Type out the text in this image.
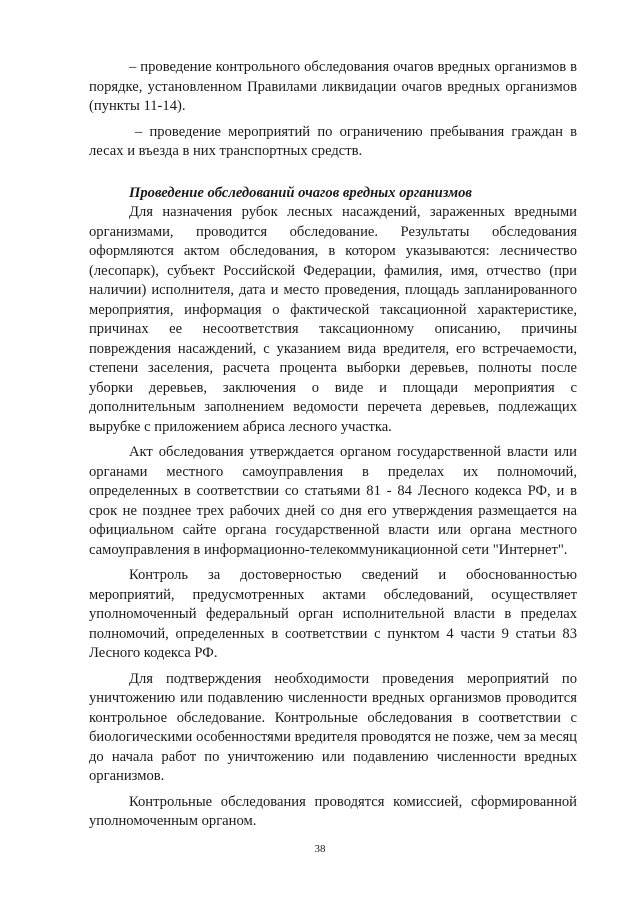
– проведение контрольного обследования очагов вредных организмов в порядке, установленном Правилами ликвидации очагов вредных организмов (пункты 11-14).

– проведение мероприятий по ограничению пребывания граждан в лесах и въезда в них транспортных средств.

Проведение обследований очагов вредных организмов

Для назначения рубок лесных насаждений, зараженных вредными организмами, проводится обследование. Результаты обследования оформляются актом обследования, в котором указываются: лесничество (лесопарк), субъект Российской Федерации, фамилия, имя, отчество (при наличии) исполнителя, дата и место проведения, площадь запланированного мероприятия, информация о фактической таксационной характеристике, причинах ее несоответствия таксационному описанию, причины повреждения насаждений, с указанием вида вредителя, его встречаемости, степени заселения, расчета процента выборки деревьев, полноты после уборки деревьев, заключения о виде и площади мероприятия с дополнительным заполнением ведомости перечета деревьев, подлежащих вырубке с приложением абриса лесного участка.

Акт обследования утверждается органом государственной власти или органами местного самоуправления в пределах их полномочий, определенных в соответствии со статьями 81 - 84 Лесного кодекса РФ, и в срок не позднее трех рабочих дней со дня его утверждения размещается на официальном сайте органа государственной власти или органа местного самоуправления в информационно-телекоммуникационной сети "Интернет".

Контроль за достоверностью сведений и обоснованностью мероприятий, предусмотренных актами обследований, осуществляет уполномоченный федеральный орган исполнительной власти в пределах полномочий, определенных в соответствии с пунктом 4 части 9 статьи 83 Лесного кодекса РФ.

Для подтверждения необходимости проведения мероприятий по уничтожению или подавлению численности вредных организмов проводится контрольное обследование. Контрольные обследования в соответствии с биологическими особенностями вредителя проводятся не позже, чем за месяц до начала работ по уничтожению или подавлению численности вредных организмов.

Контрольные обследования проводятся комиссией, сформированной уполномоченным органом.

38
